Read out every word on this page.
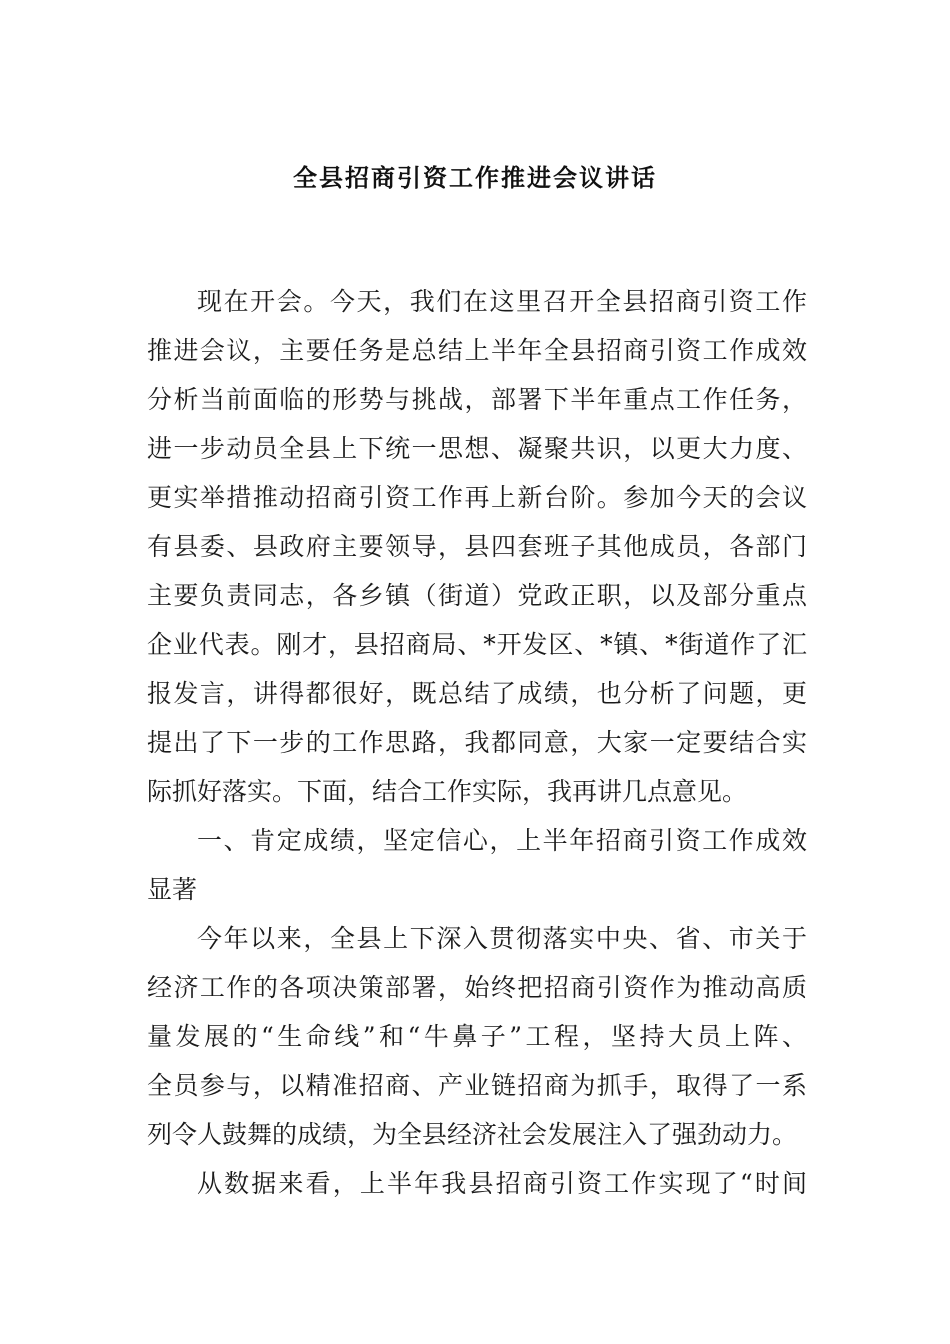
全县招商引资工作推进会议讲话
现在开会。今天，我们在这里召开全县招商引资工作
推进会议，主要任务是总结上半年全县招商引资工作成效
分析当前面临的形势与挑战，部署下半年重点工作任务，
进一步动员全县上下统一思想、凝聚共识，以更大力度、
更实举措推动招商引资工作再上新台阶。参加今天的会议
有县委、县政府主要领导，县四套班子其他成员，各部门
主要负责同志，各乡镇（街道）党政正职，以及部分重点
企业代表。刚才，县招商局、*开发区、*镇、*街道作了汇
报发言，讲得都很好，既总结了成绩，也分析了问题，更
提出了下一步的工作思路，我都同意，大家一定要结合实
际抓好落实。下面，结合工作实际，我再讲几点意见。
一、肯定成绩，坚定信心，上半年招商引资工作成效
显著
今年以来，全县上下深入贯彻落实中央、省、市关于
经济工作的各项决策部署，始终把招商引资作为推动高质
量发展的“生命线”和“牛鼻子”工程，坚持大员上阵、
全员参与，以精准招商、产业链招商为抓手，取得了一系
列令人鼓舞的成绩，为全县经济社会发展注入了强劲动力。
从数据来看，上半年我县招商引资工作实现了“时间
